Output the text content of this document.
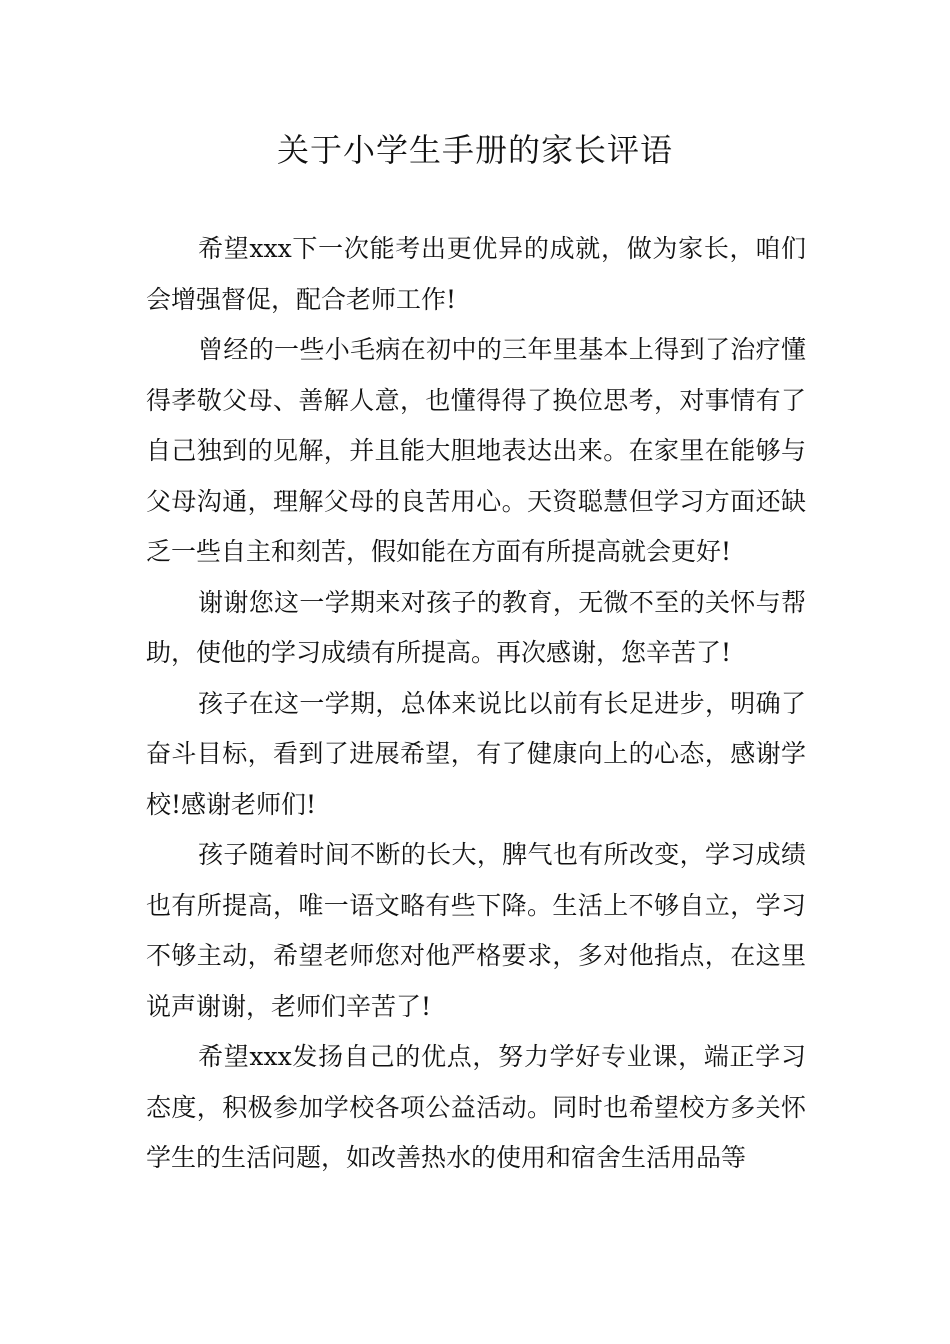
关于小学生手册的家长评语

希望xxx下一次能考出更优异的成就，做为家长，咱们会增强督促，配合老师工作!

曾经的一些小毛病在初中的三年里基本上得到了治疗懂得孝敬父母、善解人意，也懂得得了换位思考，对事情有了自己独到的见解，并且能大胆地表达出来。在家里在能够与父母沟通，理解父母的良苦用心。天资聪慧但学习方面还缺乏一些自主和刻苦，假如能在方面有所提高就会更好!

谢谢您这一学期来对孩子的教育，无微不至的关怀与帮助，使他的学习成绩有所提高。再次感谢，您辛苦了!

孩子在这一学期，总体来说比以前有长足进步，明确了奋斗目标，看到了进展希望，有了健康向上的心态，感谢学校!感谢老师们!

孩子随着时间不断的长大，脾气也有所改变，学习成绩也有所提高，唯一语文略有些下降。生活上不够自立，学习不够主动，希望老师您对他严格要求，多对他指点，在这里说声谢谢，老师们辛苦了!

希望xxx发扬自己的优点，努力学好专业课，端正学习态度，积极参加学校各项公益活动。同时也希望校方多关怀学生的生活问题，如改善热水的使用和宿舍生活用品等
